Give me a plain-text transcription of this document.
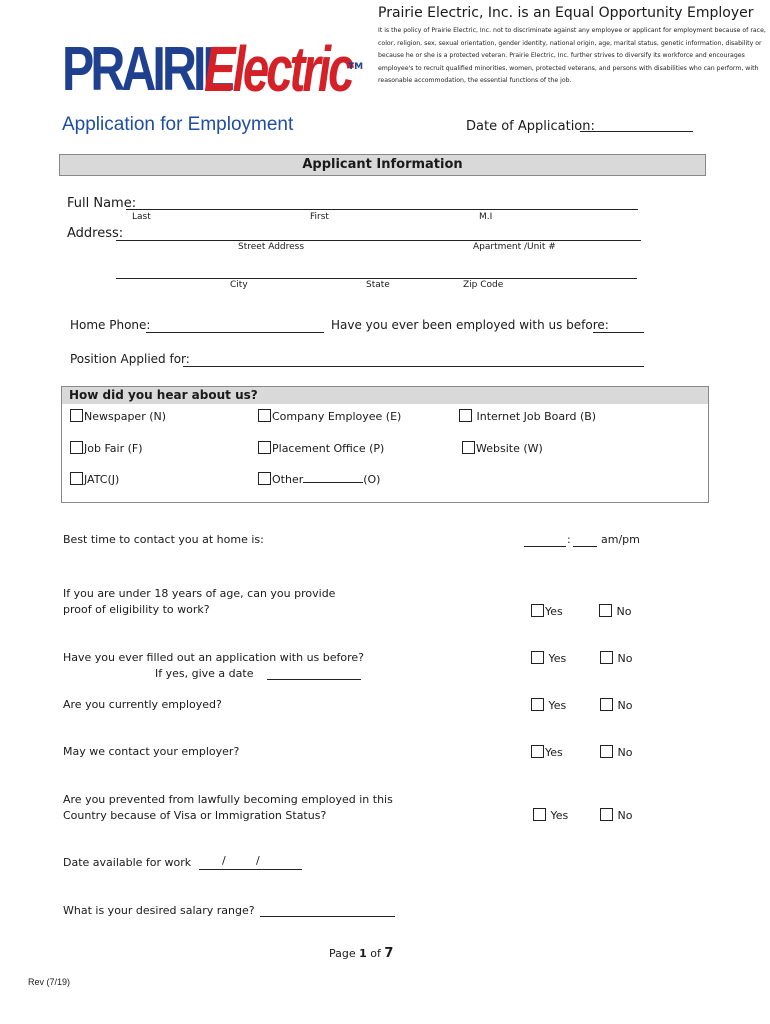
Prairie Electric, Inc. is an Equal Opportunity Employer
It is the policy of Prairie Electric, Inc. not to discriminate against any employee or applicant for employment because of race, color, religion, sex, sexual orientation, gender identity, national origin, age, marital status, genetic information, disability or because he or she is a protected veteran. Prairie Electric, Inc. further strives to diversify its workforce and encourages employee's to recruit qualified minorities, women, protected veterans, and persons with disabilities who can perform, with reasonable accommodation, the essential functions of the job.
PRAIRIE
Electric
TM
Application for Employment	Date of Application:
Applicant Information
Full Name:
Last	First	M.I
Address:
Street Address	Apartment /Unit #
City	State	Zip Code
Home Phone:	Have you ever been employed with us before:
Position Applied for:
How did you hear about us?
Newspaper (N)	Company Employee (E)	Internet Job Board (B)
Job Fair (F)	Placement Office (P)	Website (W)
JATC(J)	Other	(O)
Best time to contact you at home is:	:	am/pm
If you are under 18 years of age, can you provide
proof of eligibility to work?	Yes	No
Have you ever filled out an application with us before?
If yes, give a date
Yes	No
Are you currently employed?	Yes	No
May we contact your employer?	Yes	No
Are you prevented from lawfully becoming employed in this
Country because of Visa or Immigration Status?	Yes	No
Date available for work	/	/
What is your desired salary range?
Page 1 of 7
Rev (7/19)
